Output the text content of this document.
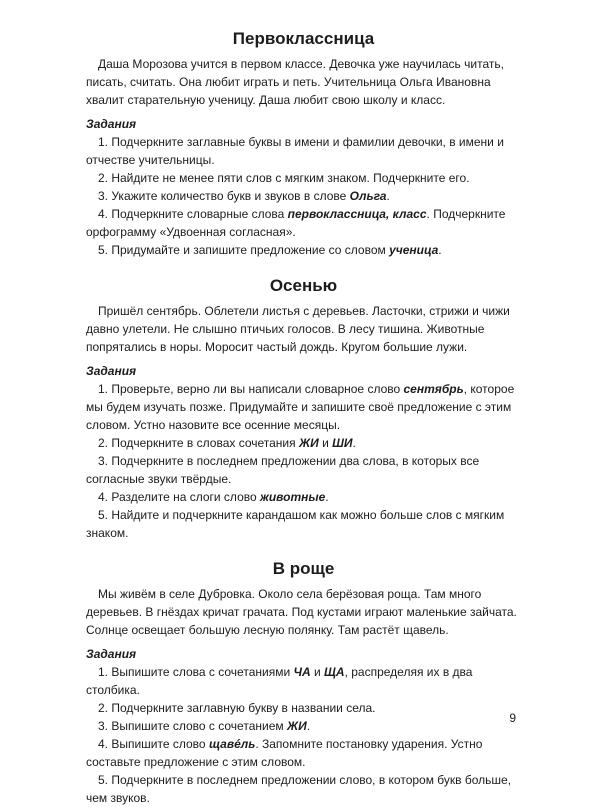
Первоклассница

Даша Морозова учится в первом классе. Девочка уже научилась читать, писать, считать. Она любит играть и петь. Учительница Ольга Ивановна хвалит старательную ученицу. Даша любит свою школу и класс.

Задания
1. Подчеркните заглавные буквы в имени и фамилии девочки, в имени и отчестве учительницы.
2. Найдите не менее пяти слов с мягким знаком. Подчеркните его.
3. Укажите количество букв и звуков в слове Ольга.
4. Подчеркните словарные слова первоклассница, класс. Подчеркните орфограмму «Удвоенная согласная».
5. Придумайте и запишите предложение со словом ученица.
Осенью

Пришёл сентябрь. Облетели листья с деревьев. Ласточки, стрижи и чижи давно улетели. Не слышно птичьих голосов. В лесу тишина. Животные попрятались в норы. Моросит частый дождь. Кругом большие лужи.

Задания
1. Проверьте, верно ли вы написали словарное слово сентябрь, которое мы будем изучать позже. Придумайте и запишите своё предложение с этим словом. Устно назовите все осенние месяцы.
2. Подчеркните в словах сочетания ЖИ и ШИ.
3. Подчеркните в последнем предложении два слова, в которых все согласные звуки твёрдые.
4. Разделите на слоги слово животные.
5. Найдите и подчеркните карандашом как можно больше слов с мягким знаком.
В роще

Мы живём в селе Дубровка. Около села берёзовая роща. Там много деревьев. В гнёздах кричат грачата. Под кустами играют маленькие зайчата. Солнце освещает большую лесную полянку. Там растёт щавель.

Задания
1. Выпишите слова с сочетаниями ЧА и ЩА, распределяя их в два столбика.
2. Подчеркните заглавную букву в названии села.
3. Выпишите слово с сочетанием ЖИ.
4. Выпишите слово щавéль. Запомните постановку ударения. Устно составьте предложение с этим словом.
5. Подчеркните в последнем предложении слово, в котором букв больше, чем звуков.
9
